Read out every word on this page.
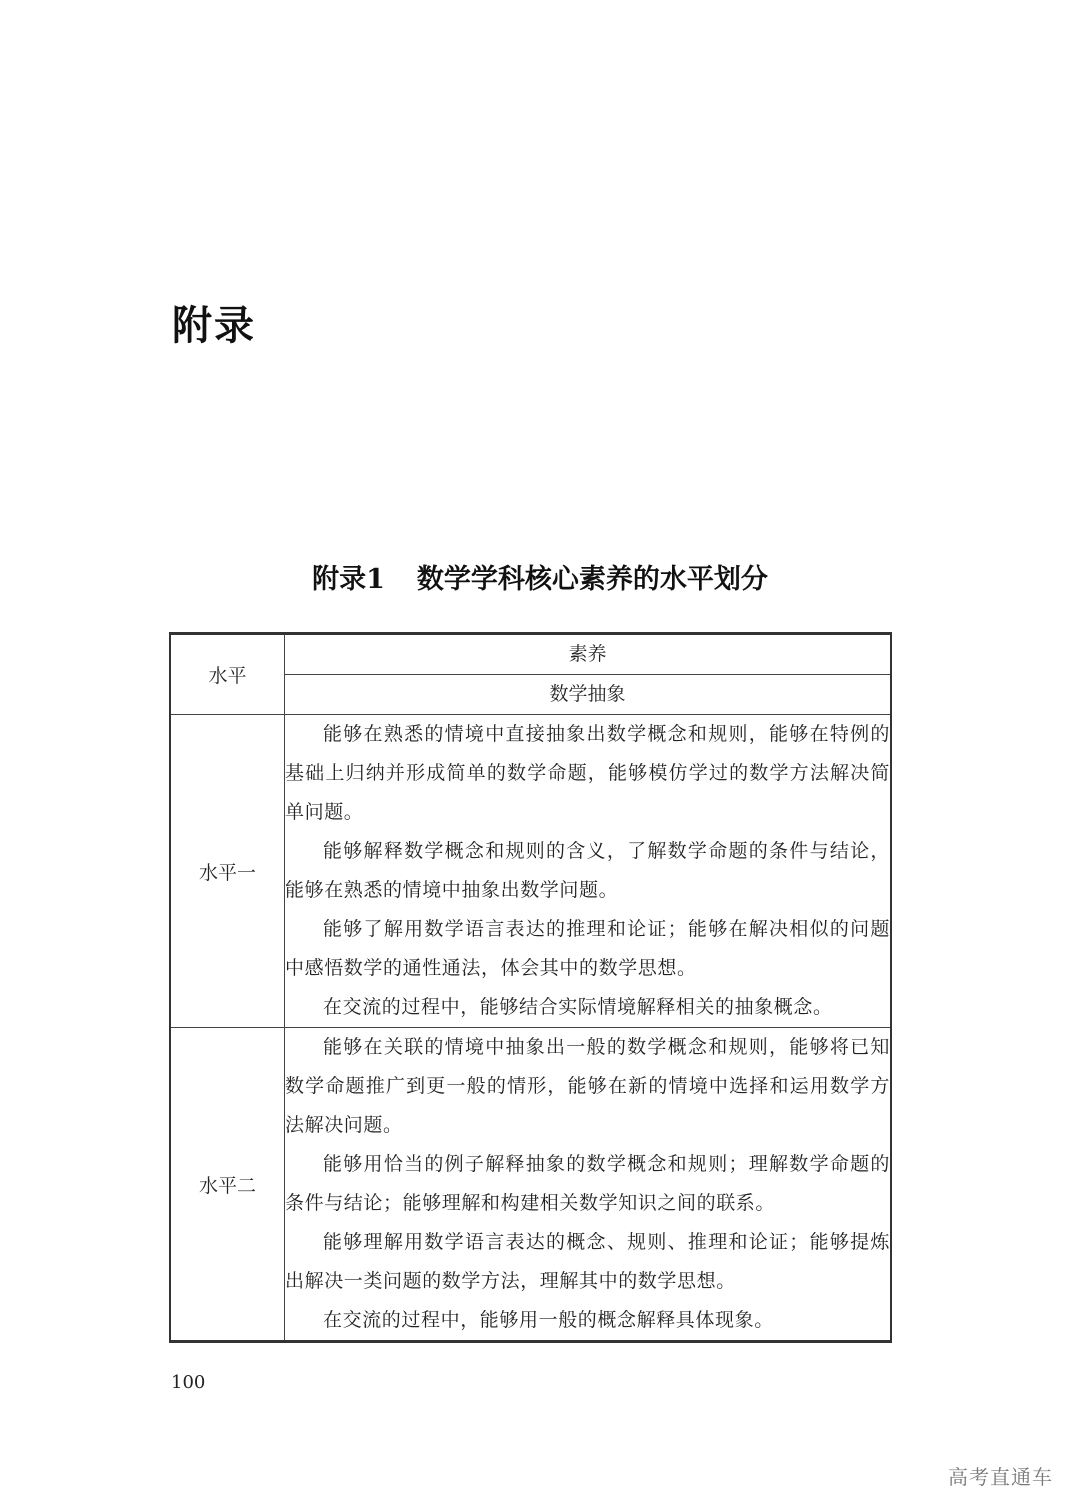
附录
附录1 数学学科核心素养的水平划分
水平	素养
	数学抽象
水平一	能够在熟悉的情境中直接抽象出数学概念和规则，能够在特例的基础上归纳并形成简单的数学命题，能够模仿学过的数学方法解决简单问题。

能够解释数学概念和规则的含义，了解数学命题的条件与结论，能够在熟悉的情境中抽象出数学问题。

能够了解用数学语言表达的推理和论证；能够在解决相似的问题中感悟数学的通性通法，体会其中的数学思想。

在交流的过程中，能够结合实际情境解释相关的抽象概念。

水平二	能够在关联的情境中抽象出一般的数学概念和规则，能够将已知数学命题推广到更一般的情形，能够在新的情境中选择和运用数学方法解决问题。

能够用恰当的例子解释抽象的数学概念和规则；理解数学命题的条件与结论；能够理解和构建相关数学知识之间的联系。

能够理解用数学语言表达的概念、规则、推理和论证；能够提炼出解决一类问题的数学方法，理解其中的数学思想。

在交流的过程中，能够用一般的概念解释具体现象。

100
高考直通车
